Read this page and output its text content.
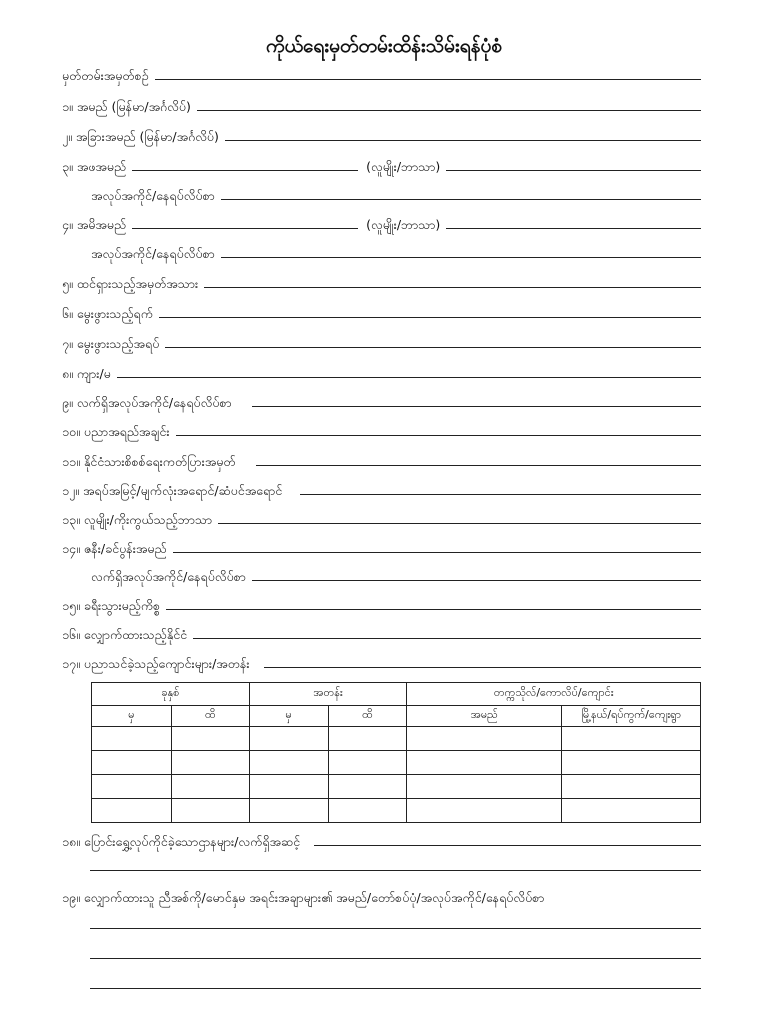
ကိုယ်ရေးမှတ်တမ်းထိန်းသိမ်းရန်ပုံစံ
မှတ်တမ်းအမှတ်စဉ်
၁။ အမည် (မြန်မာ/အင်္ဂလိပ်)
၂။ အခြားအမည် (မြန်မာ/အင်္ဂလိပ်)
၃။ အဖအမည်	(လူမျိုး/ဘာသာ)
အလုပ်အကိုင်/နေရပ်လိပ်စာ
၄။ အမိအမည်	(လူမျိုး/ဘာသာ)
အလုပ်အကိုင်/နေရပ်လိပ်စာ
၅။ ထင်ရှားသည့်အမှတ်အသား
၆။ မွေးဖွားသည့်ရက်
၇။ မွေးဖွားသည့်အရပ်
၈။ ကျား/မ
၉။ လက်ရှိအလုပ်အကိုင်/နေရပ်လိပ်စာ
၁၀။ ပညာအရည်အချင်း
၁၁။ နိုင်ငံသားစိစစ်ရေးကတ်ပြားအမှတ်
၁၂။ အရပ်အမြင့်/မျက်လုံးအရောင်/ဆံပင်အရောင်
၁၃။ လူမျိုး/ကိုးကွယ်သည့်ဘာသာ
၁၄။ ဇနီး/ခင်ပွန်းအမည်
လက်ရှိအလုပ်အကိုင်/နေရပ်လိပ်စာ
၁၅။ ခရီးသွားမည့်ကိစ္စ
၁၆။ လျှောက်ထားသည့်နိုင်ငံ
၁၇။ ပညာသင်ခဲ့သည့်ကျောင်းများ/အတန်း
ခုနှစ်		အတန်း		တက္ကသိုလ်/ကောလိပ်/ကျောင်း	
မှ	ထိ	မှ	ထိ	အမည်	မြို့နယ်/ရပ်ကွက်/ကျေးရွာ

၁၈။ ပြောင်းရွှေ့လုပ်ကိုင်ခဲ့သောဌာနများ/လက်ရှိအဆင့်
၁၉။ လျှောက်ထားသူ ညီအစ်ကို/မောင်နှမ အရင်းအချာများ၏ အမည်/တော်စပ်ပုံ/အလုပ်အကိုင်/နေရပ်လိပ်စာ
